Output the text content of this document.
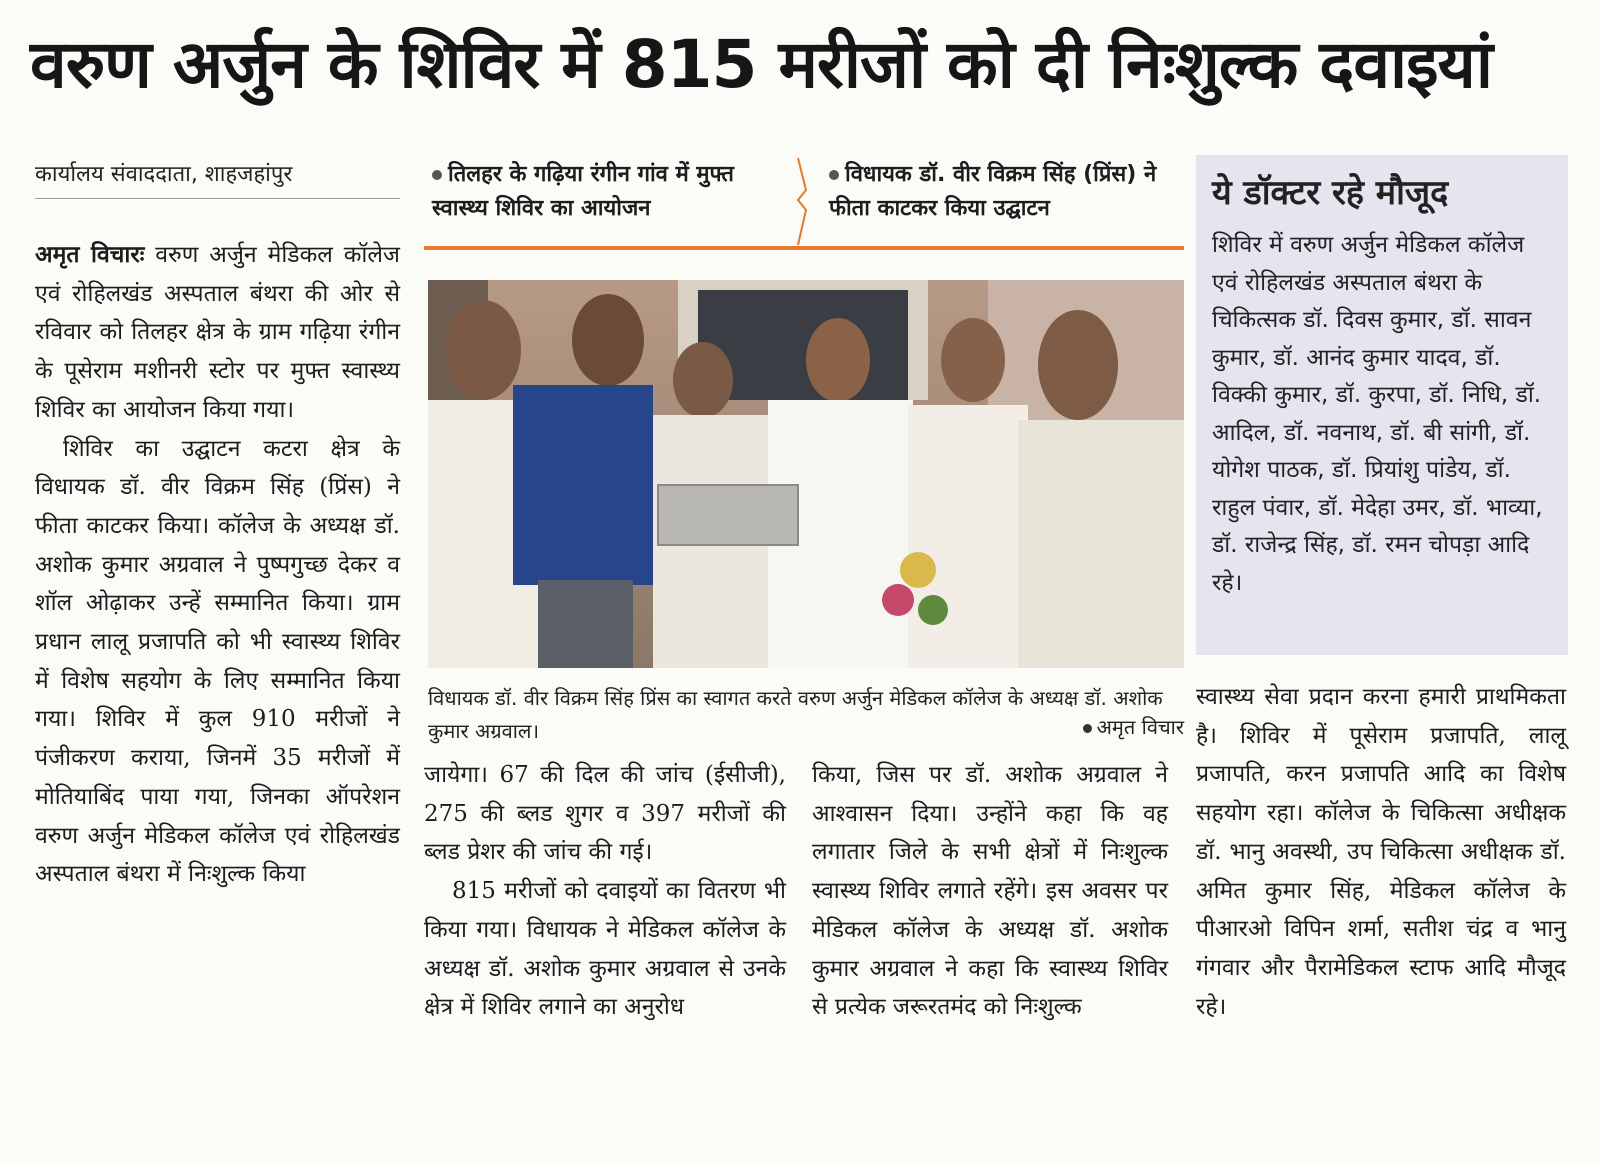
वरुण अर्जुन के शिविर में 815 मरीजों को दी निःशुल्क दवाइयां
कार्यालय संवाददाता, शाहजहांपुर

अमृत विचारः वरुण अर्जुन मेडिकल कॉलेज एवं रोहिलखंड अस्पताल बंथरा की ओर से रविवार को तिलहर क्षेत्र के ग्राम गढ़िया रंगीन के पूसेराम मशीनरी स्टोर पर मुफ्त स्वास्थ्य शिविर का आयोजन किया गया।

शिविर का उद्घाटन कटरा क्षेत्र के विधायक डॉ. वीर विक्रम सिंह (प्रिंस) ने फीता काटकर किया। कॉलेज के अध्यक्ष डॉ. अशोक कुमार अग्रवाल ने पुष्पगुच्छ देकर व शॉल ओढ़ाकर उन्हें सम्मानित किया। ग्राम प्रधान लालू प्रजापति को भी स्वास्थ्य शिविर में विशेष सहयोग के लिए सम्मानित किया गया। शिविर में कुल 910 मरीजों ने पंजीकरण कराया, जिनमें 35 मरीजों में मोतियाबिंद पाया गया, जिनका ऑपरेशन वरुण अर्जुन मेडिकल कॉलेज एवं रोहिलखंड अस्पताल बंथरा में निःशुल्क किया

तिलहर के गढ़िया रंगीन गांव में मुफ्त स्वास्थ्य शिविर का आयोजन
विधायक डॉ. वीर विक्रम सिंह (प्रिंस) ने फीता काटकर किया उद्घाटन
विधायक डॉ. वीर विक्रम सिंह प्रिंस का स्वागत करते वरुण अर्जुन मेडिकल कॉलेज के अध्यक्ष डॉ. अशोक कुमार अग्रवाल।	अमृत विचार

जायेगा। 67 की दिल की जांच (ईसीजी), 275 की ब्लड शुगर व 397 मरीजों की ब्लड प्रेशर की जांच की गई।

815 मरीजों को दवाइयों का वितरण भी किया गया। विधायक ने मेडिकल कॉलेज के अध्यक्ष डॉ. अशोक कुमार अग्रवाल से उनके क्षेत्र में शिविर लगाने का अनुरोध

किया, जिस पर डॉ. अशोक अग्रवाल ने आश्वासन दिया। उन्होंने कहा कि वह लगातार जिले के सभी क्षेत्रों में निःशुल्क स्वास्थ्य शिविर लगाते रहेंगे। इस अवसर पर मेडिकल कॉलेज के अध्यक्ष डॉ. अशोक कुमार अग्रवाल ने कहा कि स्वास्थ्य शिविर से प्रत्येक जरूरतमंद को निःशुल्क

ये डॉक्टर रहे मौजूद
शिविर में वरुण अर्जुन मेडिकल कॉलेज एवं रोहिलखंड अस्पताल बंथरा के चिकित्सक डॉ. दिवस कुमार, डॉ. सावन कुमार, डॉ. आनंद कुमार यादव, डॉ. विक्की कुमार, डॉ. कुरपा, डॉ. निधि, डॉ. आदिल, डॉ. नवनाथ, डॉ. बी सांगी, डॉ. योगेश पाठक, डॉ. प्रियांशु पांडेय, डॉ. राहुल पंवार, डॉ. मेदेहा उमर, डॉ. भाव्या, डॉ. राजेन्द्र सिंह, डॉ. रमन चोपड़ा आदि रहे।

स्वास्थ्य सेवा प्रदान करना हमारी प्राथमिकता है। शिविर में पूसेराम प्रजापति, लालू प्रजापति, करन प्रजापति आदि का विशेष सहयोग रहा। कॉलेज के चिकित्सा अधीक्षक डॉ. भानु अवस्थी, उप चिकित्सा अधीक्षक डॉ. अमित कुमार सिंह, मेडिकल कॉलेज के पीआरओ विपिन शर्मा, सतीश चंद्र व भानु गंगवार और पैरामेडिकल स्टाफ आदि मौजूद रहे।
